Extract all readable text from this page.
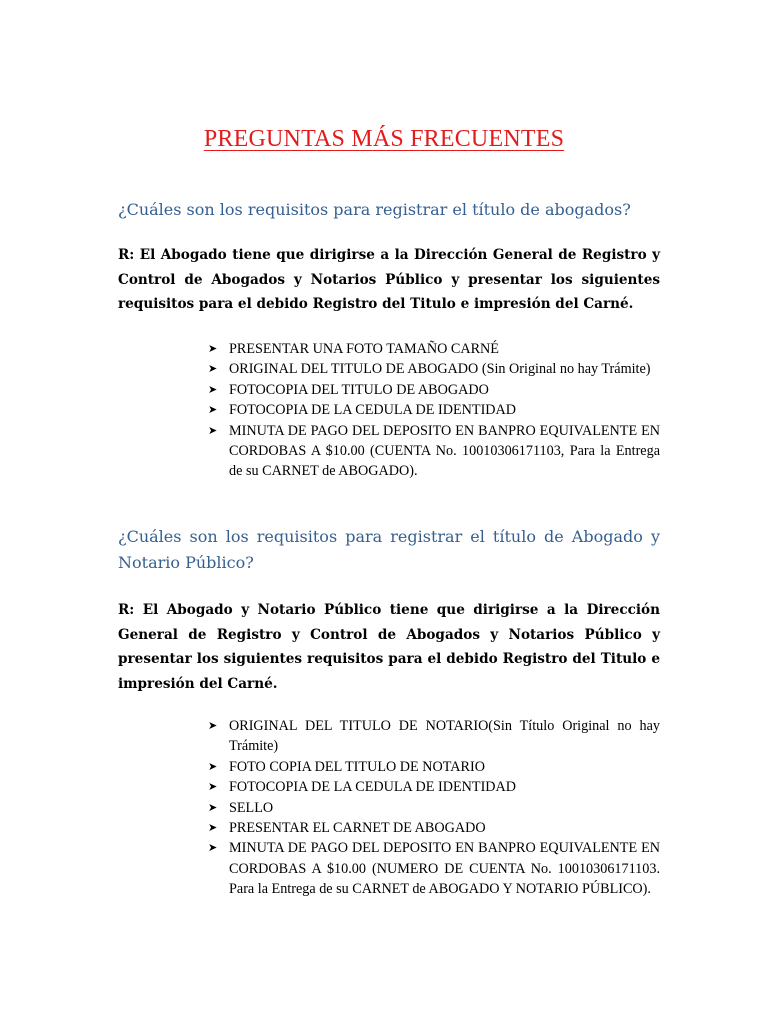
PREGUNTAS MÁS FRECUENTES

¿Cuáles son los requisitos para registrar el título de abogados?

R: El Abogado tiene que dirigirse a la Dirección General de Registro y Control de Abogados y Notarios Público y presentar los siguientes requisitos para el debido Registro del Titulo e impresión del Carné.

➤ PRESENTAR UNA FOTO TAMAÑO CARNÉ
➤ ORIGINAL DEL TITULO DE ABOGADO (Sin Original no hay Trámite)
➤ FOTOCOPIA DEL TITULO DE ABOGADO
➤ FOTOCOPIA DE LA CEDULA DE IDENTIDAD
➤ MINUTA DE PAGO DEL DEPOSITO EN BANPRO EQUIVALENTE EN CORDOBAS A $10.00 (CUENTA No. 10010306171103, Para la Entrega de su CARNET de ABOGADO).

¿Cuáles son los requisitos para registrar el título de Abogado y Notario Público?

R: El Abogado y Notario Público tiene que dirigirse a la Dirección General de Registro y Control de Abogados y Notarios Público y presentar los siguientes requisitos para el debido Registro del Titulo e impresión del Carné.

➤ ORIGINAL DEL TITULO DE NOTARIO(Sin Título Original no hay Trámite)
➤ FOTO COPIA DEL TITULO DE NOTARIO
➤ FOTOCOPIA DE LA CEDULA DE IDENTIDAD
➤ SELLO
➤ PRESENTAR EL CARNET DE ABOGADO
➤ MINUTA DE PAGO DEL DEPOSITO EN BANPRO EQUIVALENTE EN CORDOBAS A $10.00 (NUMERO DE CUENTA No. 10010306171103. Para la Entrega de su CARNET de ABOGADO Y NOTARIO PÚBLICO).
